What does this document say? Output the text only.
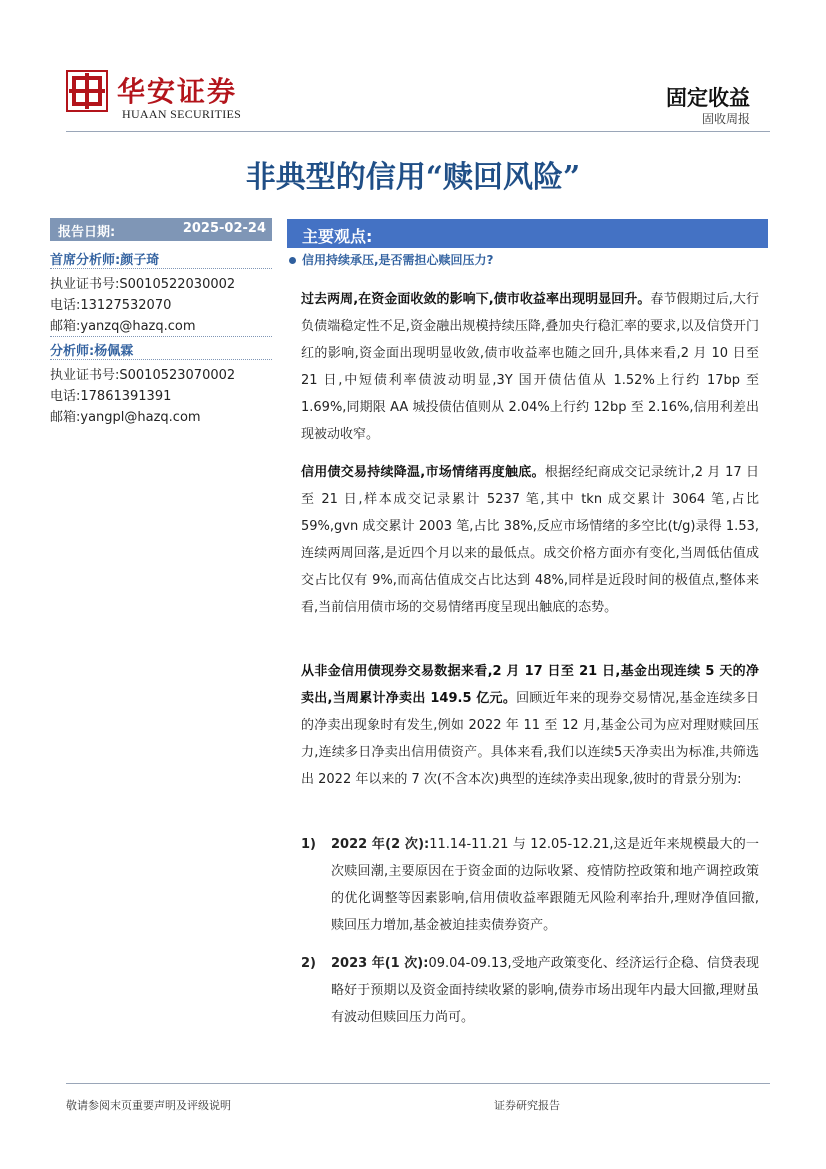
华安证券
HUAAN SECURITIES
固定收益
固收周报
非典型的信用“赎回风险”
报告日期:	2025-02-24
首席分析师:颜子琦
执业证书号:S0010522030002
电话:13127532070
邮箱:yanzq@hazq.com
分析师:杨佩霖
执业证书号:S0010523070002
电话:17861391391
邮箱:yangpl@hazq.com
主要观点:
信用持续承压,是否需担心赎回压力?
过去两周,在资金面收敛的影响下,债市收益率出现明显回升。春节假期过后,大行负债端稳定性不足,资金融出规模持续压降,叠加央行稳汇率的要求,以及信贷开门红的影响,资金面出现明显收敛,债市收益率也随之回升,具体来看,2 月 10 日至 21 日,中短债利率债波动明显,3Y 国开债估值从 1.52%上行约 17bp 至 1.69%,同期限 AA 城投债估值则从 2.04%上行约 12bp 至 2.16%,信用利差出现被动收窄。
信用债交易持续降温,市场情绪再度触底。根据经纪商成交记录统计,2 月 17 日至 21 日,样本成交记录累计 5237 笔,其中 tkn 成交累计 3064 笔,占比 59%,gvn 成交累计 2003 笔,占比 38%,反应市场情绪的多空比(t/g)录得 1.53,连续两周回落,是近四个月以来的最低点。成交价格方面亦有变化,当周低估值成交占比仅有 9%,而高估值成交占比达到 48%,同样是近段时间的极值点,整体来看,当前信用债市场的交易情绪再度呈现出触底的态势。
从非金信用债现券交易数据来看,2 月 17 日至 21 日,基金出现连续 5 天的净卖出,当周累计净卖出 149.5 亿元。回顾近年来的现券交易情况,基金连续多日的净卖出现象时有发生,例如 2022 年 11 至 12 月,基金公司为应对理财赎回压力,连续多日净卖出信用债资产。具体来看,我们以连续5天净卖出为标准,共筛选出 2022 年以来的 7 次(不含本次)典型的连续净卖出现象,彼时的背景分别为:
1) 2022 年(2 次):11.14-11.21 与 12.05-12.21,这是近年来规模最大的一次赎回潮,主要原因在于资金面的边际收紧、疫情防控政策和地产调控政策的优化调整等因素影响,信用债收益率跟随无风险利率抬升,理财净值回撤,赎回压力增加,基金被迫挂卖债券资产。
2) 2023 年(1 次):09.04-09.13,受地产政策变化、经济运行企稳、信贷表现略好于预期以及资金面持续收紧的影响,债券市场出现年内最大回撤,理财虽有波动但赎回压力尚可。
敬请参阅末页重要声明及评级说明	证券研究报告
